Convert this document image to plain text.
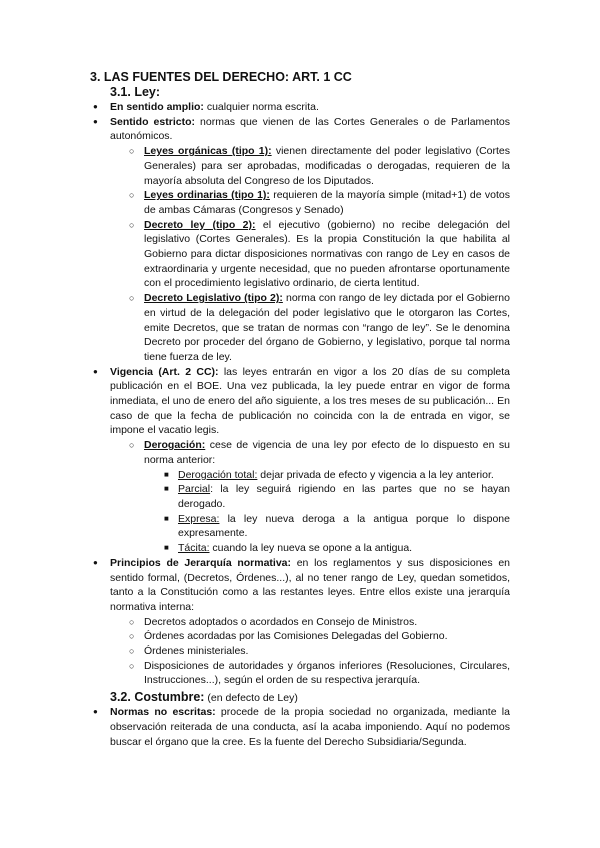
3. LAS FUENTES DEL DERECHO: ART. 1 CC
3.1. Ley:
● En sentido amplio: cualquier norma escrita.
● Sentido estricto: normas que vienen de las Cortes Generales o de Parlamentos autonómicos.
○ Leyes orgánicas (tipo 1): vienen directamente del poder legislativo (Cortes Generales) para ser aprobadas, modificadas o derogadas, requieren de la mayoría absoluta del Congreso de los Diputados.
○ Leyes ordinarias (tipo 1): requieren de la mayoría simple (mitad+1) de votos de ambas Cámaras (Congresos y Senado)
○ Decreto ley (tipo 2): el ejecutivo (gobierno) no recibe delegación del legislativo (Cortes Generales). Es la propia Constitución la que habilita al Gobierno para dictar disposiciones normativas con rango de Ley en casos de extraordinaria y urgente necesidad, que no pueden afrontarse oportunamente con el procedimiento legislativo ordinario, de cierta lentitud.
○ Decreto Legislativo (tipo 2): norma con rango de ley dictada por el Gobierno en virtud de la delegación del poder legislativo que le otorgaron las Cortes, emite Decretos, que se tratan de normas con “rango de ley”. Se le denomina Decreto por proceder del órgano de Gobierno, y legislativo, porque tal norma tiene fuerza de ley.
● Vigencia (Art. 2 CC): las leyes entrarán en vigor a los 20 días de su completa publicación en el BOE. Una vez publicada, la ley puede entrar en vigor de forma inmediata, el uno de enero del año siguiente, a los tres meses de su publicación... En caso de que la fecha de publicación no coincida con la de entrada en vigor, se impone el vacatio legis.
○ Derogación: cese de vigencia de una ley por efecto de lo dispuesto en su norma anterior:
■ Derogación total: dejar privada de efecto y vigencia a la ley anterior.
■ Parcial: la ley seguirá rigiendo en las partes que no se hayan derogado.
■ Expresa: la ley nueva deroga a la antigua porque lo dispone expresamente.
■ Tácita: cuando la ley nueva se opone a la antigua.
● Principios de Jerarquía normativa: en los reglamentos y sus disposiciones en sentido formal, (Decretos, Órdenes...), al no tener rango de Ley, quedan sometidos, tanto a la Constitución como a las restantes leyes. Entre ellos existe una jerarquía normativa interna:
○ Decretos adoptados o acordados en Consejo de Ministros.
○ Órdenes acordadas por las Comisiones Delegadas del Gobierno.
○ Órdenes ministeriales.
○ Disposiciones de autoridades y órganos inferiores (Resoluciones, Circulares, Instrucciones...), según el orden de su respectiva jerarquía.
3.2. Costumbre: (en defecto de Ley)
● Normas no escritas: procede de la propia sociedad no organizada, mediante la observación reiterada de una conducta, así la acaba imponiendo. Aquí no podemos buscar el órgano que la cree. Es la fuente del Derecho Subsidiaria/Segunda.
